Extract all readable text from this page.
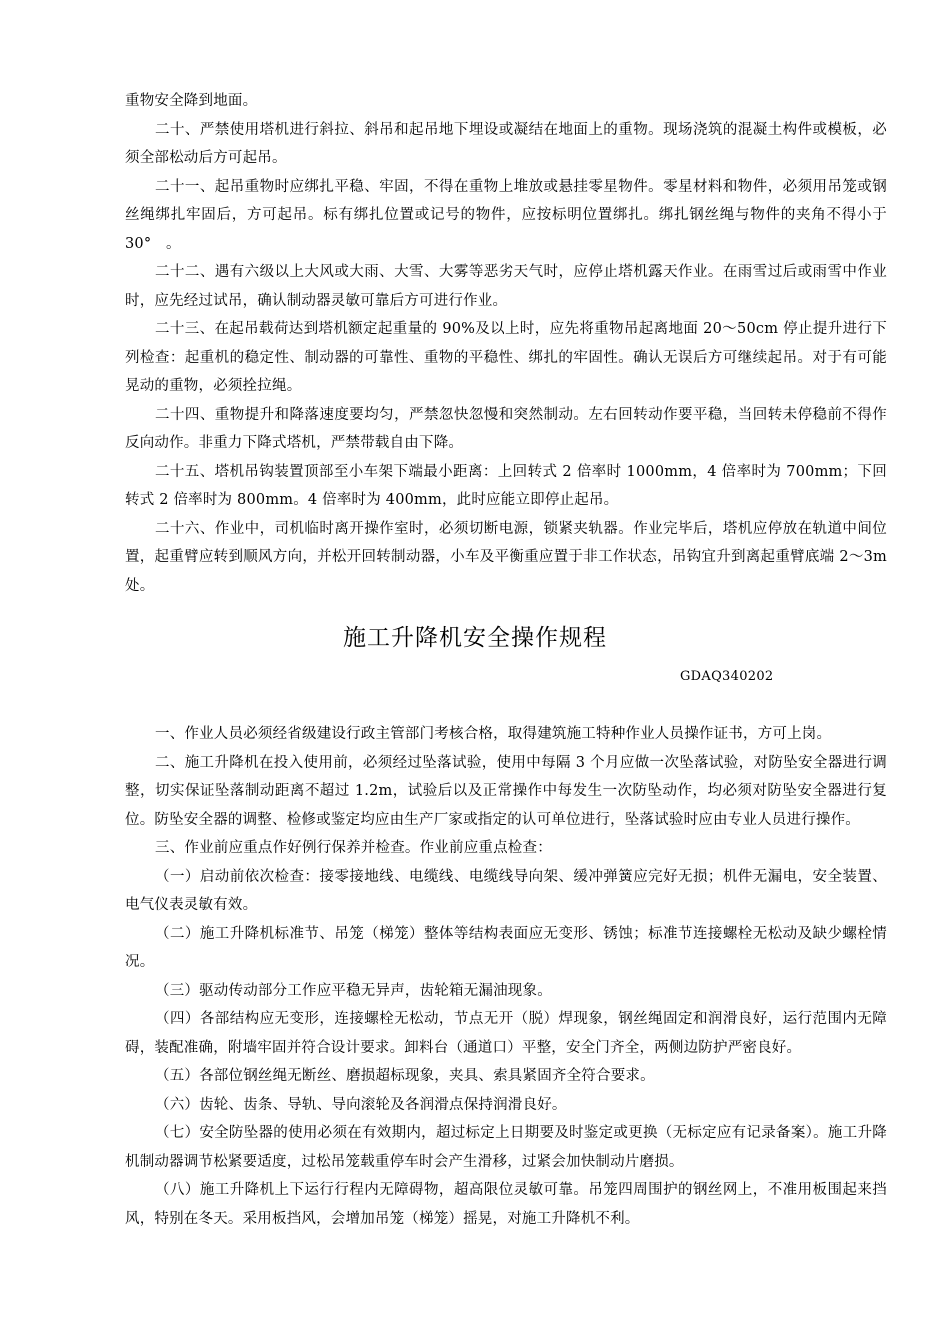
重物安全降到地面。

二十、严禁使用塔机进行斜拉、斜吊和起吊地下埋设或凝结在地面上的重物。现场浇筑的混凝土构件或模板，必须全部松动后方可起吊。

二十一、起吊重物时应绑扎平稳、牢固，不得在重物上堆放或悬挂零星物件。零星材料和物件，必须用吊笼或钢丝绳绑扎牢固后，方可起吊。标有绑扎位置或记号的物件，应按标明位置绑扎。绑扎钢丝绳与物件的夹角不得小于 30°　。

二十二、遇有六级以上大风或大雨、大雪、大雾等恶劣天气时，应停止塔机露天作业。在雨雪过后或雨雪中作业时，应先经过试吊，确认制动器灵敏可靠后方可进行作业。

二十三、在起吊载荷达到塔机额定起重量的 90%及以上时，应先将重物吊起离地面 20～50cm 停止提升进行下列检查：起重机的稳定性、制动器的可靠性、重物的平稳性、绑扎的牢固性。确认无误后方可继续起吊。对于有可能晃动的重物，必须拴拉绳。

二十四、重物提升和降落速度要均匀，严禁忽快忽慢和突然制动。左右回转动作要平稳，当回转未停稳前不得作反向动作。非重力下降式塔机，严禁带载自由下降。

二十五、塔机吊钩装置顶部至小车架下端最小距离：上回转式 2 倍率时 1000mm，4 倍率时为 700mm；下回转式 2 倍率时为 800mm。4 倍率时为 400mm，此时应能立即停止起吊。

二十六、作业中，司机临时离开操作室时，必须切断电源，锁紧夹轨器。作业完毕后，塔机应停放在轨道中间位置，起重臂应转到顺风方向，并松开回转制动器，小车及平衡重应置于非工作状态，吊钩宜升到离起重臂底端 2～3m 处。

施工升降机安全操作规程
GDAQ340202

一、作业人员必须经省级建设行政主管部门考核合格，取得建筑施工特种作业人员操作证书，方可上岗。

二、施工升降机在投入使用前，必须经过坠落试验，使用中每隔 3 个月应做一次坠落试验，对防坠安全器进行调整，切实保证坠落制动距离不超过 1.2m，试验后以及正常操作中每发生一次防坠动作，均必须对防坠安全器进行复位。防坠安全器的调整、检修或鉴定均应由生产厂家或指定的认可单位进行，坠落试验时应由专业人员进行操作。

三、作业前应重点作好例行保养并检查。作业前应重点检查：

（一）启动前依次检查：接零接地线、电缆线、电缆线导向架、缓冲弹簧应完好无损；机件无漏电，安全装置、电气仪表灵敏有效。

（二）施工升降机标准节、吊笼（梯笼）整体等结构表面应无变形、锈蚀；标准节连接螺栓无松动及缺少螺栓情况。

（三）驱动传动部分工作应平稳无异声，齿轮箱无漏油现象。

（四）各部结构应无变形，连接螺栓无松动，节点无开（脱）焊现象，钢丝绳固定和润滑良好，运行范围内无障碍，装配准确，附墙牢固并符合设计要求。卸料台（通道口）平整，安全门齐全，两侧边防护严密良好。

（五）各部位钢丝绳无断丝、磨损超标现象，夹具、索具紧固齐全符合要求。

（六）齿轮、齿条、导轨、导向滚轮及各润滑点保持润滑良好。

（七）安全防坠器的使用必须在有效期内，超过标定上日期要及时鉴定或更换（无标定应有记录备案）。施工升降机制动器调节松紧要适度，过松吊笼载重停车时会产生滑移，过紧会加快制动片磨损。

（八）施工升降机上下运行行程内无障碍物，超高限位灵敏可靠。吊笼四周围护的钢丝网上，不准用板围起来挡风，特别在冬天。采用板挡风，会增加吊笼（梯笼）摇晃，对施工升降机不利。
